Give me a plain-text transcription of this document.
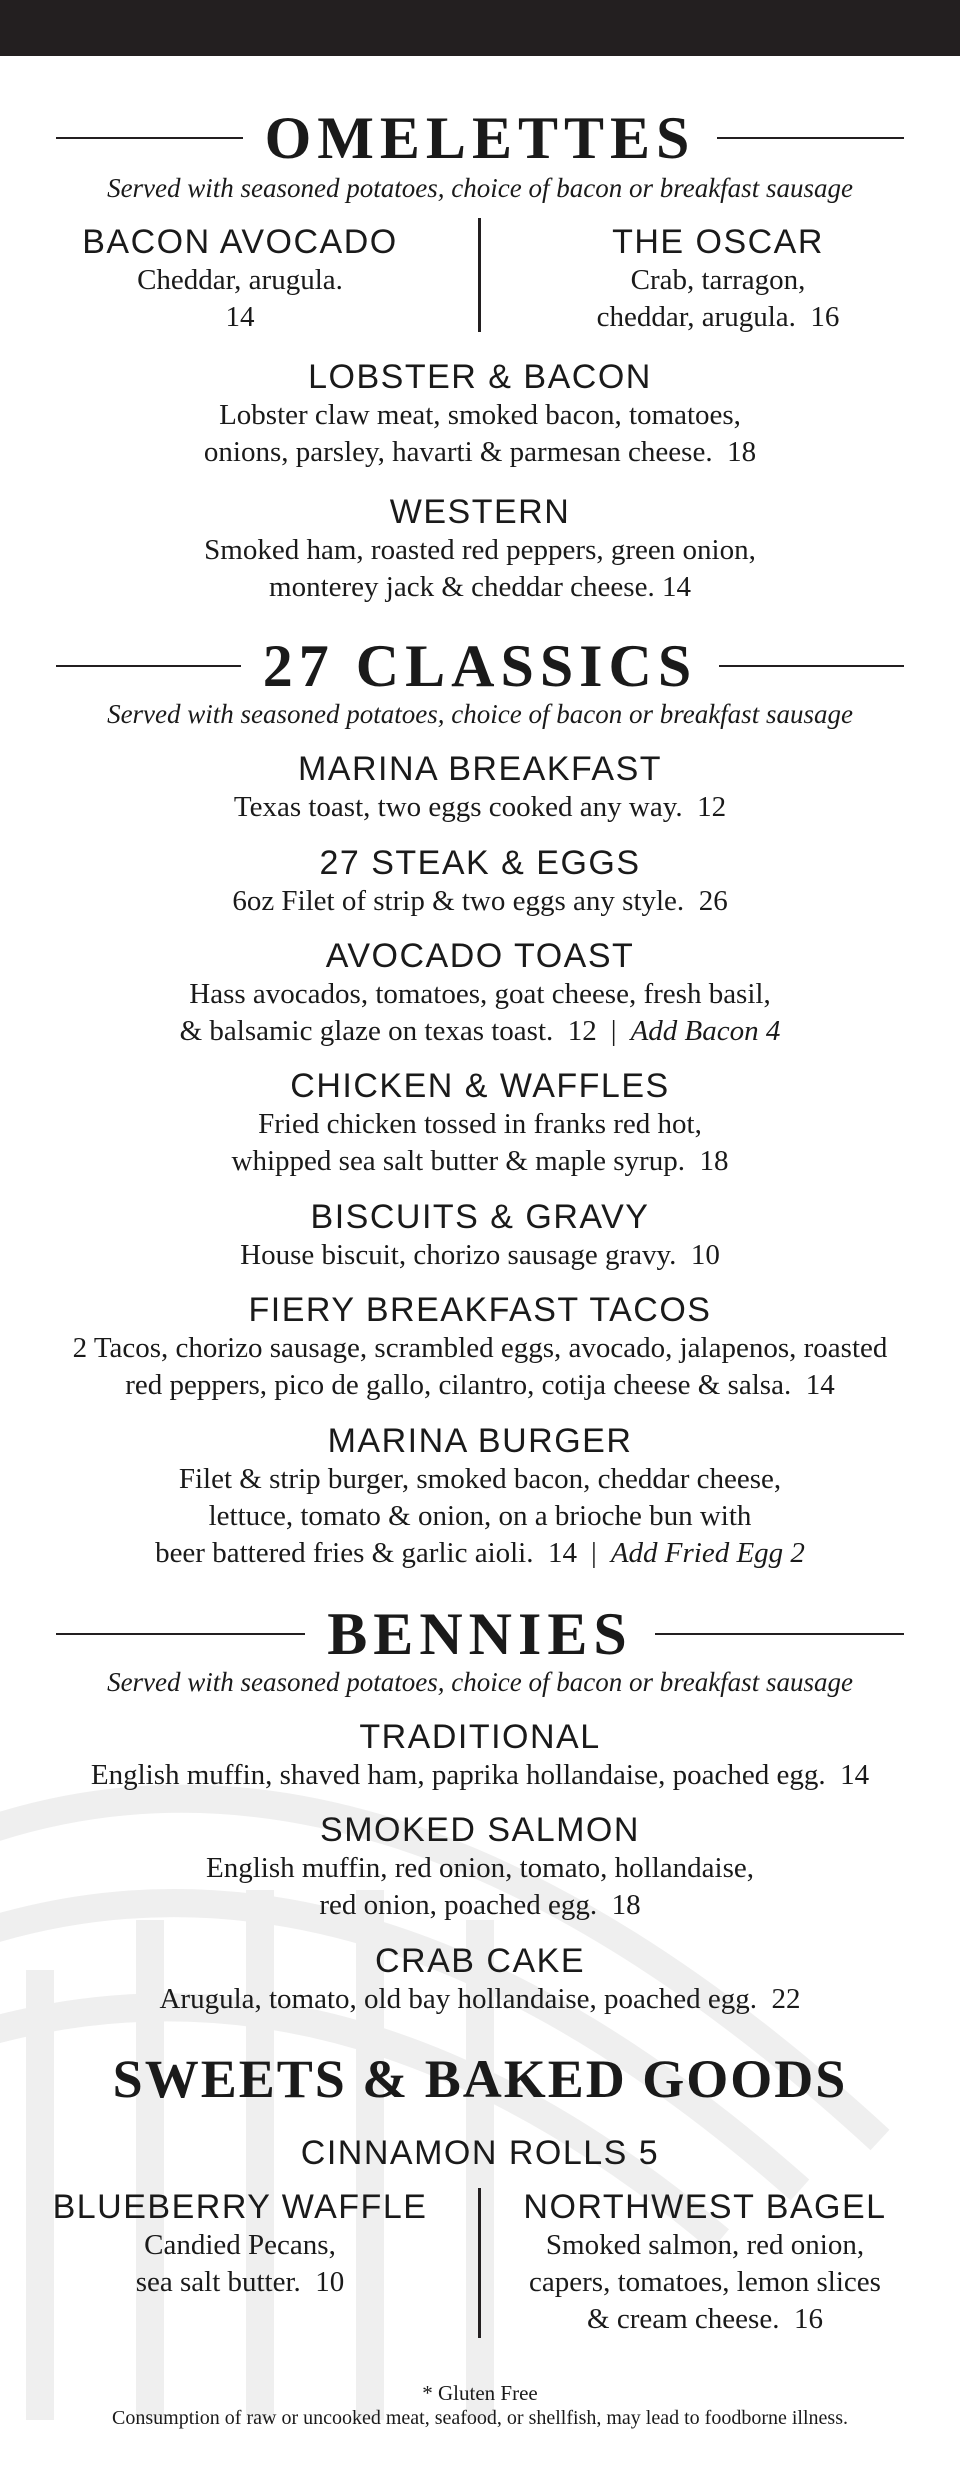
OMELETTES
Served with seasoned potatoes, choice of bacon or breakfast sausage
BACON AVOCADO
Cheddar, arugula.
14
THE OSCAR
Crab, tarragon,
cheddar, arugula. 16
LOBSTER & BACON
Lobster claw meat, smoked bacon, tomatoes,
onions, parsley, havarti & parmesan cheese. 18
WESTERN
Smoked ham, roasted red peppers, green onion,
monterey jack & cheddar cheese. 14
27 CLASSICS
Served with seasoned potatoes, choice of bacon or breakfast sausage
MARINA BREAKFAST
Texas toast, two eggs cooked any way. 12
27 STEAK & EGGS
6oz Filet of strip & two eggs any style. 26
AVOCADO TOAST
Hass avocados, tomatoes, goat cheese, fresh basil,
& balsamic glaze on texas toast. 12 | Add Bacon 4
CHICKEN & WAFFLES
Fried chicken tossed in franks red hot,
whipped sea salt butter & maple syrup. 18
BISCUITS & GRAVY
House biscuit, chorizo sausage gravy. 10
FIERY BREAKFAST TACOS
2 Tacos, chorizo sausage, scrambled eggs, avocado, jalapenos, roasted
red peppers, pico de gallo, cilantro, cotija cheese & salsa. 14
MARINA BURGER
Filet & strip burger, smoked bacon, cheddar cheese,
lettuce, tomato & onion, on a brioche bun with
beer battered fries & garlic aioli. 14 | Add Fried Egg 2
BENNIES
Served with seasoned potatoes, choice of bacon or breakfast sausage
TRADITIONAL
English muffin, shaved ham, paprika hollandaise, poached egg. 14
SMOKED SALMON
English muffin, red onion, tomato, hollandaise,
red onion, poached egg. 18
CRAB CAKE
Arugula, tomato, old bay hollandaise, poached egg. 22
SWEETS & BAKED GOODS
CINNAMON ROLLS 5
BLUEBERRY WAFFLE
Candied Pecans,
sea salt butter. 10
NORTHWEST BAGEL
Smoked salmon, red onion,
capers, tomatoes, lemon slices
& cream cheese. 16
* Gluten Free
Consumption of raw or uncooked meat, seafood, or shellfish, may lead to foodborne illness.
